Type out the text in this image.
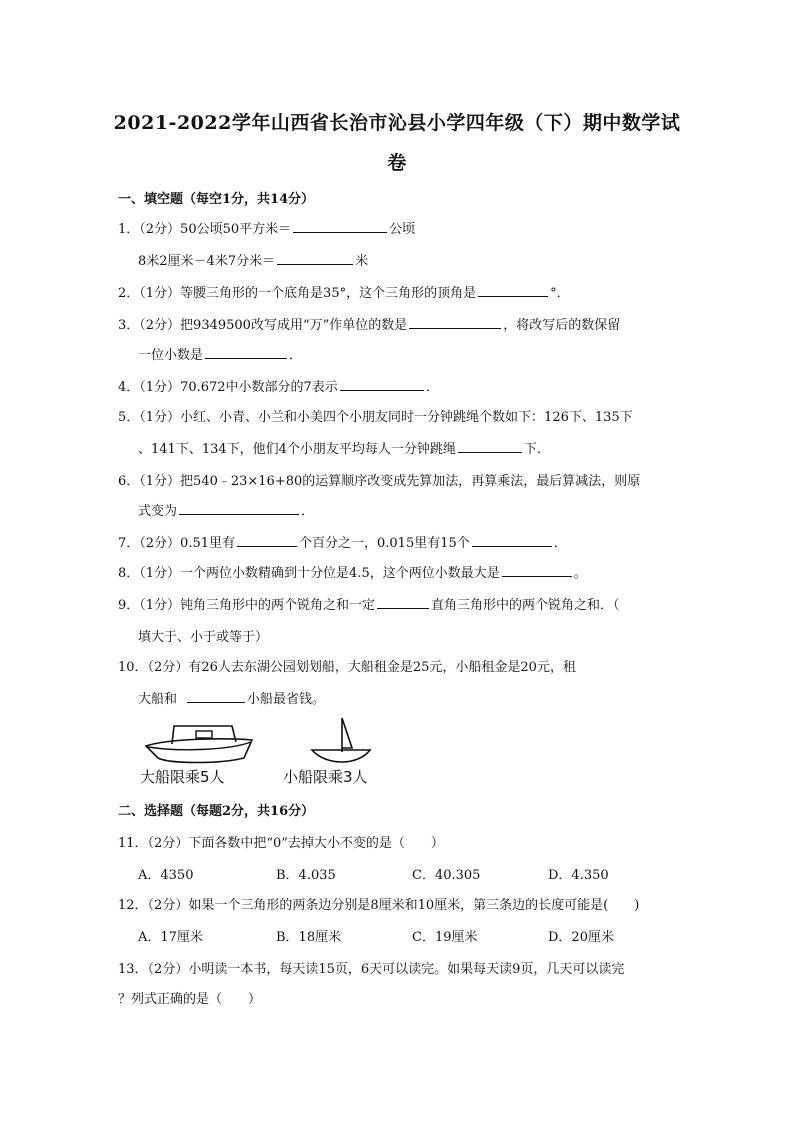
2021-2022学年山西省长治市沁县小学四年级（下）期中数学试
卷
一、填空题（每空1分，共14分）
1．（2分）50公顷50平方米＝	公顷
8米2厘米－4米7分米＝	米
2．（1分）等腰三角形的一个底角是35°，这个三角形的顶角是	°．
3．（2分）把9349500改写成用“万”作单位的数是	，将改写后的数保留
一位小数是	．
4．（1分）70.672中小数部分的7表示	．
5．（1分）小红、小青、小兰和小美四个小朋友同时一分钟跳绳个数如下：126下、135下
、141下、134下，他们4个小朋友平均每人一分钟跳绳	下．
6．（1分）把540﹣23×16+80的运算顺序改变成先算加法，再算乘法，最后算减法，则原
式变为	．
7．（2分）0.51里有	个百分之一，0.015里有15个	．
8．（1分）一个两位小数精确到十分位是4.5，这个两位小数最大是	。
9．（1分）钝角三角形中的两个锐角之和一定	直角三角形中的两个锐角之和．（
填大于、小于或等于）
10．（2分）有26人去东湖公园划划船，大船租金是25元，小船租金是20元，租
大船和	小船最省钱。
大船限乘5人	小船限乘3人
二、选择题（每题2分，共16分）
11．（2分）下面各数中把“0”去掉大小不变的是（　　）
A．4350	B．4.035	C．40.305	D．4.350
12．（2分）如果一个三角形的两条边分别是8厘米和10厘米，第三条边的长度可能是(　　)
A．17厘米	B．18厘米	C．19厘米	D．20厘米
13．（2分）小明读一本书，每天读15页，6天可以读完。如果每天读9页，几天可以读完
？列式正确的是（　　）
